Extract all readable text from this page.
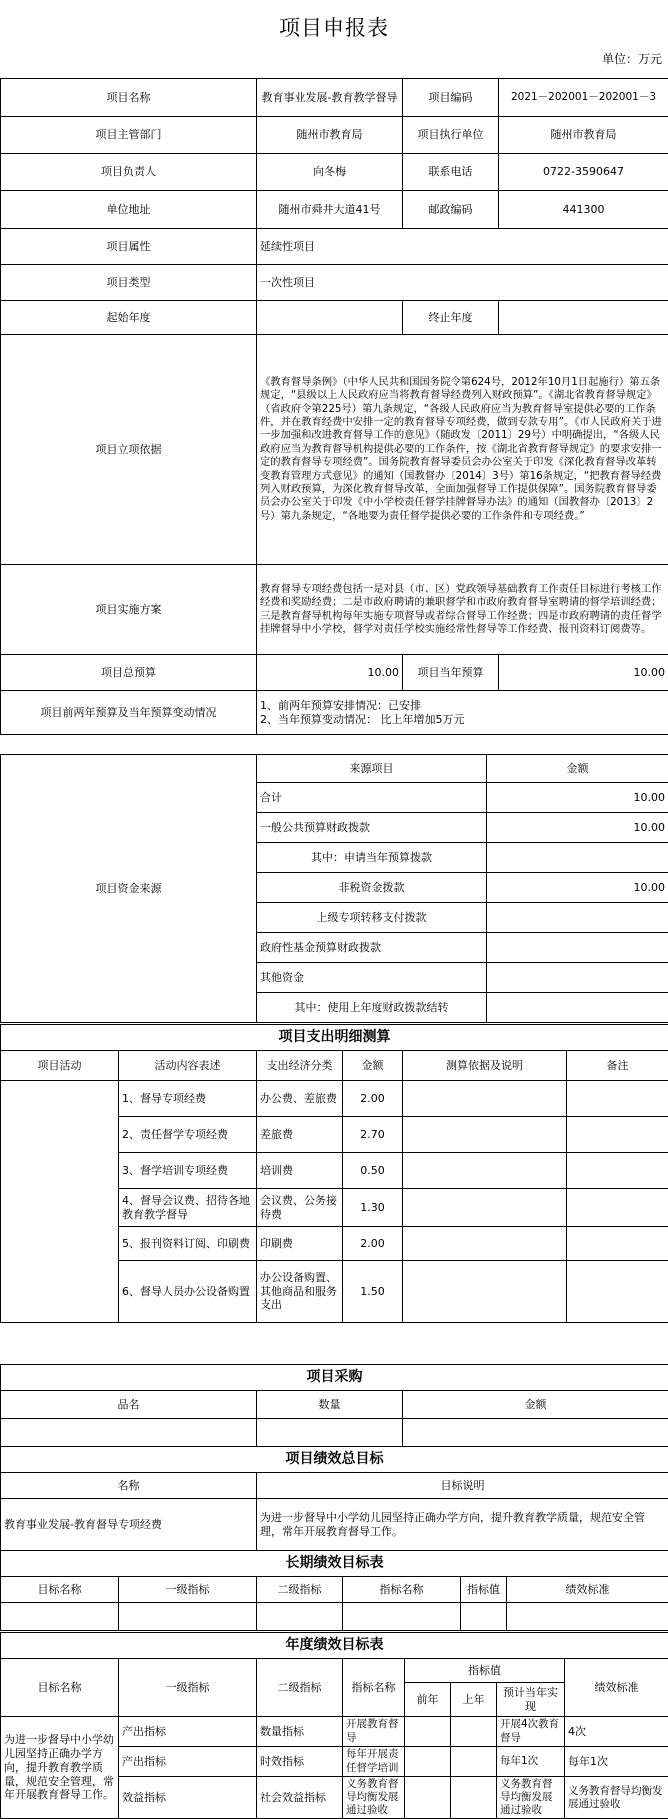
项目申报表
单位：万元
项目名称	教育事业发展-教育教学督导	项目编码	2021－202001－202001－3
项目主管部门	随州市教育局	项目执行单位	随州市教育局
项目负责人	向冬梅	联系电话	0722-3590647
单位地址	随州市舜井大道41号	邮政编码	441300
项目属性	延续性项目		
项目类型	一次性项目		
起始年度		终止年度	
项目立项依据	《教育督导条例》（中华人民共和国国务院令第624号，2012年10月1日起施行）第五条规定，“县级以上人民政府应当将教育督导经费列入财政预算”。《湖北省教育督导规定》（省政府令第225号）第九条规定，“各级人民政府应当为教育督导室提供必要的工作条件，并在教育经费中安排一定的教育督导专项经费，做到专款专用”。《市人民政府关于进一步加强和改进教育督导工作的意见》（随政发〔2011〕29号）中明确提出，“各级人民政府应当为教育督导机构提供必要的工作条件，按《湖北省教育督导规定》的要求安排一定的教育督导专项经费”。国务院教育督导委员会办公室关于印发《深化教育督导改革转变教育管理方式意见》的通知（国教督办〔2014〕3号）第16条规定，“把教育督导经费列入财政预算，为深化教育督导改革，全面加强督导工作提供保障”。国务院教育督导委员会办公室关于印发《中小学校责任督学挂牌督导办法》的通知（国教督办〔2013〕2号）第九条规定，“各地要为责任督学提供必要的工作条件和专项经费。”		
项目实施方案	教育督导专项经费包括一是对县（市、区）党政领导基础教育工作责任目标进行考核工作经费和奖励经费；二是市政府聘请的兼职督学和市政府教育督导室聘请的督学培训经费；三是教育督导机构每年实施专项督导或者综合督导工作经费；四是市政府聘请的责任督学挂牌督导中小学校，督学对责任学校实施经常性督导等工作经费、报刊资料订阅费等。		
项目总预算	10.00	项目当年预算	10.00
项目前两年预算及当年预算变动情况	1、前两年预算安排情况：已安排
2、当年预算变动情况： 比上年增加5万元		
项目资金来源	来源项目	金额
	合计	10.00
	一般公共预算财政拨款	10.00
	其中：申请当年预算拨款	
	非税资金拨款	10.00
	上级专项转移支付拨款	
	政府性基金预算财政拨款	
	其他资金	
	其中：使用上年度财政拨款结转	
项目支出明细测算					
项目活动	活动内容表述	支出经济分类	金额	测算依据及说明	备注
	1、督导专项经费	办公费、差旅费	2.00		
	2、责任督学专项经费	差旅费	2.70		
	3、督学培训专项经费	培训费	0.50		
	4、督导会议费、招待各地教育教学督导	会议费、公务接待费	1.30		
	5、报刊资料订阅、印刷费	印刷费	2.00		
	6、督导人员办公设备购置	办公设备购置、其他商品和服务支出	1.50		
项目采购		
品名	数量	金额

项目绩效总目标	
名称	目标说明
教育事业发展-教育督导专项经费	为进一步督导中小学幼儿园坚持正确办学方向，提升教育教学质量，规范安全管理，常年开展教育督导工作。
长期绩效目标表					
目标名称	一级指标	二级指标	指标名称	指标值	绩效标准

年度绩效目标表							
目标名称	一级指标	二级指标	指标名称	指标值			绩效标准
				前年	上年	预计当年实现	
为进一步督导中小学幼儿园坚持正确办学方向，提升教育教学质量，规范安全管理，常年开展教育督导工作。	产出指标	数量指标	开展教育督导			开展4次教育督导	4次
	产出指标	时效指标	每年开展责任督学培训			每年1次	每年1次
	效益指标	社会效益指标	义务教育督导均衡发展通过验收			义务教育督导均衡发展通过验收	义务教育督导均衡发展通过验收
